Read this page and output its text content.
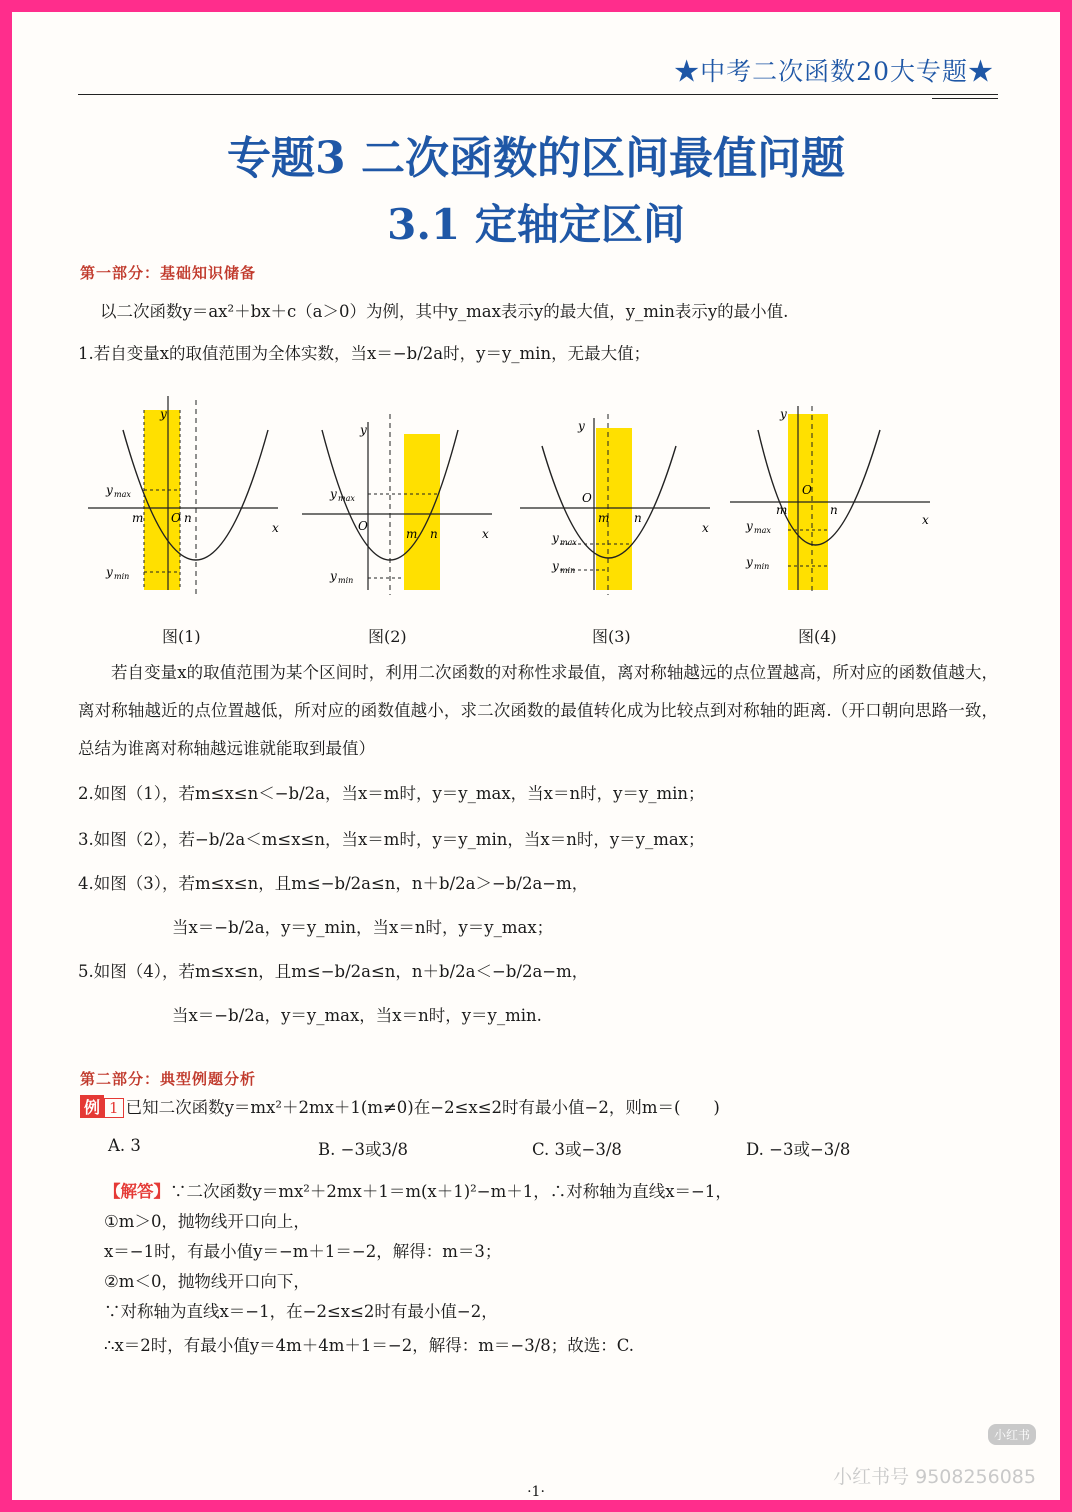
★中考二次函数20大专题★
专题3 二次函数的区间最值问题
3.1 定轴定区间
第一部分：基础知识储备
以二次函数y＝ax²＋bx＋c（a＞0）为例，其中y_max表示y的最大值，y_min表示y的最小值.
1.若自变量x的取值范围为全体实数，当x＝−b/2a时，y＝y_min，无最大值；
y max
y min
m	n
O
y
x
y max
y min
O
m n
y
x	y max
y min
O
m n
y
x	y max
y min
O
m	n
y
x
图(1)	图(2)	图(3)	图(4)
若自变量x的取值范围为某个区间时，利用二次函数的对称性求最值，离对称轴越远的点位置越高，所对应的函数值越大，离对称轴越近的点位置越低，所对应的函数值越小，求二次函数的最值转化成为比较点到对称轴的距离.（开口朝向思路一致，总结为谁离对称轴越远谁就能取到最值）
2.如图（1），若m≤x≤n＜−b/2a，当x＝m时，y＝y_max，当x＝n时，y＝y_min；
3.如图（2），若−b/2a＜m≤x≤n，当x＝m时，y＝y_min，当x＝n时，y＝y_max；
4.如图（3），若m≤x≤n，且m≤−b/2a≤n，n＋b/2a＞−b/2a−m，
当x＝−b/2a，y＝y_min，当x＝n时，y＝y_max；
5.如图（4），若m≤x≤n，且m≤−b/2a≤n，n＋b/2a＜−b/2a−m，
当x＝−b/2a，y＝y_max，当x＝n时，y＝y_min.
第二部分：典型例题分析
例 1 已知二次函数y＝mx²＋2mx＋1(m≠0)在−2≤x≤2时有最小值−2，则m＝(　　)
A. 3	B. −3或3/8	C. 3或−3/8	D. −3或−3/8
【解答】∵二次函数y＝mx²＋2mx＋1＝m(x＋1)²−m＋1，∴对称轴为直线x＝−1，
①m＞0，抛物线开口向上，
x＝−1时，有最小值y＝−m＋1＝−2，解得：m＝3；
②m＜0，抛物线开口向下，
∵对称轴为直线x＝−1，在−2≤x≤2时有最小值−2，
∴x＝2时，有最小值y＝4m＋4m＋1＝−2，解得：m＝−3/8；故选：C.
小红书
小红书号 9508256085
·1·
